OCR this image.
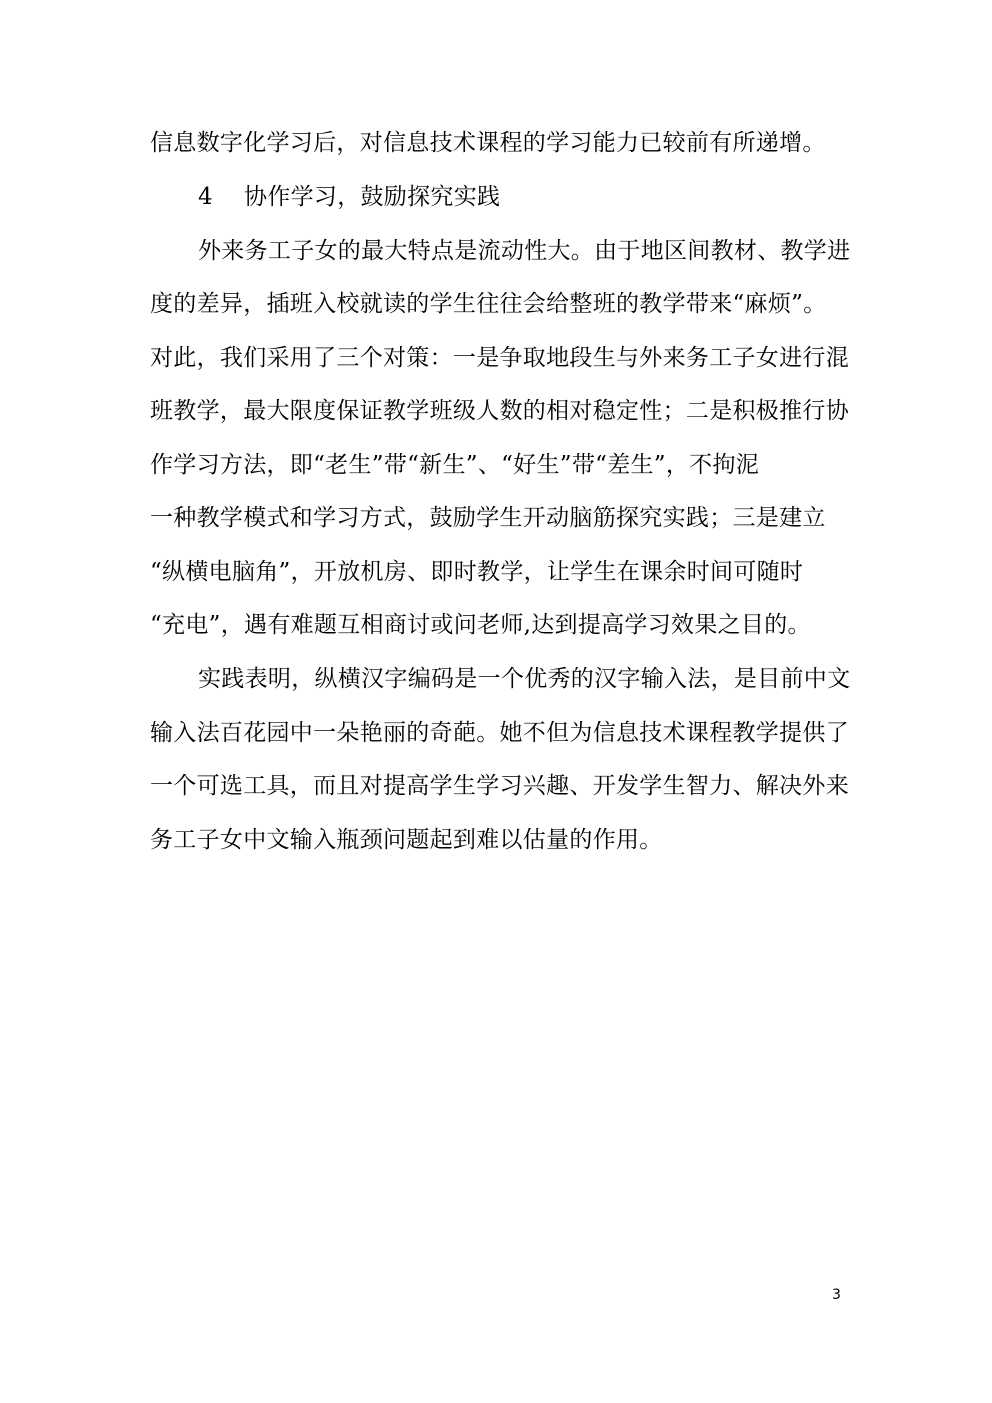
信息数字化学习后，对信息技术课程的学习能力已较前有所递增。
4 协作学习，鼓励探究实践
外来务工子女的最大特点是流动性大。由于地区间教材、教学进
度的差异，插班入校就读的学生往往会给整班的教学带来“麻烦”。
对此，我们采用了三个对策：一是争取地段生与外来务工子女进行混
班教学，最大限度保证教学班级人数的相对稳定性；二是积极推行协
作学习方法，即“老生”带“新生”、“好生”带“差生”，不拘泥
一种教学模式和学习方式，鼓励学生开动脑筋探究实践；三是建立
“纵横电脑角”，开放机房、即时教学，让学生在课余时间可随时
“充电”，遇有难题互相商讨或问老师,达到提高学习效果之目的。
实践表明，纵横汉字编码是一个优秀的汉字输入法，是目前中文
输入法百花园中一朵艳丽的奇葩。她不但为信息技术课程教学提供了
一个可选工具，而且对提高学生学习兴趣、开发学生智力、解决外来
务工子女中文输入瓶颈问题起到难以估量的作用。
3
